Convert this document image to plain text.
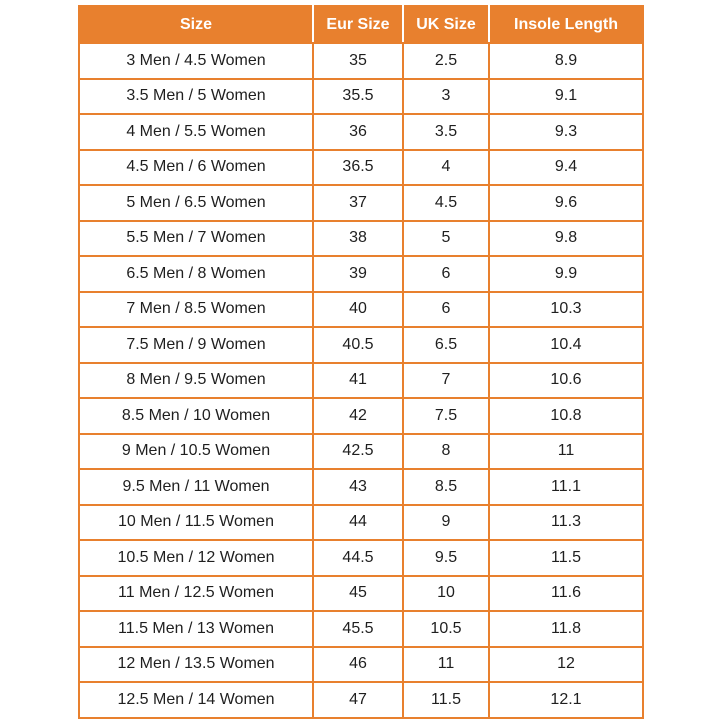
Size	Eur Size	UK Size	Insole Length
3 Men / 4.5 Women	35	2.5	8.9
3.5 Men / 5 Women	35.5	3	9.1
4 Men / 5.5 Women	36	3.5	9.3
4.5 Men / 6 Women	36.5	4	9.4
5 Men / 6.5 Women	37	4.5	9.6
5.5 Men / 7 Women	38	5	9.8
6.5 Men / 8 Women	39	6	9.9
7 Men / 8.5 Women	40	6	10.3
7.5 Men / 9 Women	40.5	6.5	10.4
8 Men / 9.5 Women	41	7	10.6
8.5 Men / 10 Women	42	7.5	10.8
9 Men / 10.5 Women	42.5	8	11
9.5 Men / 11 Women	43	8.5	11.1
10 Men / 11.5 Women	44	9	11.3
10.5 Men / 12 Women	44.5	9.5	11.5
11 Men / 12.5 Women	45	10	11.6
11.5 Men / 13 Women	45.5	10.5	11.8
12 Men / 13.5 Women	46	11	12
12.5 Men / 14 Women	47	11.5	12.1
